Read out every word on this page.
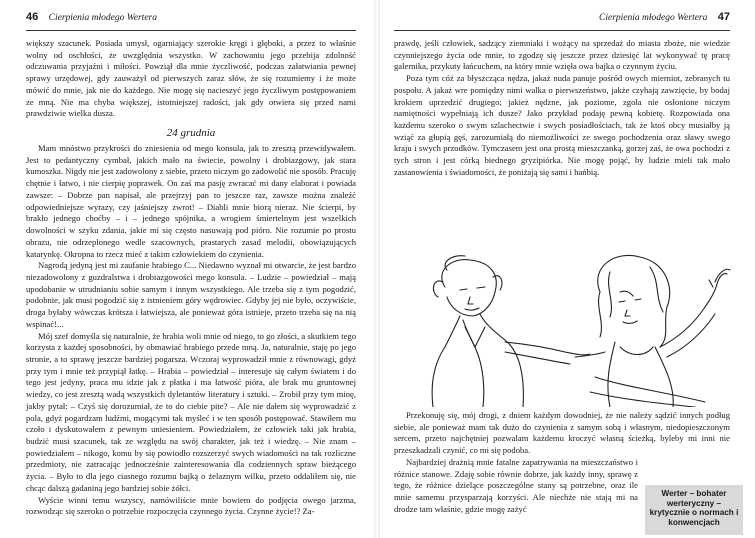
46 Cierpienia młodego Wertera

większy szacunek. Posiada umysł, ogarniający szerokie kręgi i głęboki, a przez to właśnie wolny od oschłości, że uwzględnia wszystko. W zachowaniu jego przebija zdolność odczuwania przyjaźni i miłości. Powziął dla mnie życzliwość, podczas załatwiania pewnej sprawy urzędowej, gdy zauważył od pierwszych zaraz słów, że się rozumiemy i że może mówić do mnie, jak nie do każdego. Nie mogę się nacieszyć jego życzliwym postępowaniem ze mną. Nie ma chyba większej, istotniejszej radości, jak gdy otwiera się przed nami prawdziwie wielka dusza.

24 grudnia

Mam mnóstwo przykrości do zniesienia od mego konsula, jak to zresztą przewidywałem. Jest to pedantyczny cymbał, jakich mało na świecie, powolny i drobiazgowy, jak stara kumoszka. Nigdy nie jest zadowolony z siebie, przeto niczym go zadowolić nie sposób. Pracuję chętnie i łatwo, i nie cierpię poprawek. On zaś ma pasję zwracać mi dany elaborat i powiada zawsze: – Dobrze pan napisał, ale przejrzyj pan to jeszcze raz, zawsze można znaleźć odpowiedniejsze wyrazy, czy jaśniejszy zwrot! – Diabli mnie biorą nieraz. Nie ścierpi, by brakło jednego choćby – i – jednego spójnika, a wrogiem śmiertelnym jest wszelkich dowolności w szyku zdania, jakie mi się często nasuwają pod pióro. Nie rozumie po prostu obrazu, nie odrzeplonego wedle szacownych, prastarych zasad melodii, obowiązujących katarynkę. Okropna to rzecz mieć z takim człowiekiem do czynienia.

Nagrodą jedyną jest mi zaufanie hrabiego C... Niedawno wyznał mi otwarcie, że jest bardzo niezadowolony z guzdralstwa i drobiazgowości mego konsula. – Ludzie – powiedział – mają upodobanie w utrudnianiu sobie samym i innym wszystkiego. Ale trzeba się z tym pogodzić, podobnie, jak musi pogodzić się z istnieniem góry wędrowiec. Gdyby jej nie było, oczywiście, droga byłaby wówczas krótsza i łatwiejsza, ale ponieważ góra istnieje, przeto trzeba się na nią wspinać!...

Mój szef domyśla się naturalnie, że hrabia woli mnie od niego, to go złości, a skutkiem tego korzysta z każdej sposobności, by obmawiać hrabiego przede mną. Ja, naturalnie, staję po jego stronie, a to sprawę jeszcze bardziej pogarsza. Wczoraj wyprowadził mnie z równowagi, gdyż przy tym i mnie też przypiął łatkę. – Hrabia – powiedział – interesuje się całym światem i do tego jest jedyny, praca mu idzie jak z płatka i ma łatwość pióra, ale brak mu gruntownej wiedzy, co jest zresztą wadą wszystkich dyletantów literatury i sztuki. – Zrobił przy tym minę, jakby pytał: – Czyś się dorozumiał, że to do ciebie pite? – Ale nie dałem się wyprowadzić z pola, gdyż pogardzam ludźmi, mogącymi tak myśleć i w ten sposób postępować. Stawiłem mu czoło i dyskutowałem z pewnym uniesieniem. Powiedziałem, że człowiek taki jak hrabia, budzić musi szacunek, tak ze względu na swój charakter, jak też i wiedzę. – Nie znam – powiedziałem – nikogo, komu by się powiodło rozszerzyć swych wiadomości na tak rozliczne przedmioty, nie zatracając jednocześnie zainteresowania dla codziennych spraw bieżącego życia. – Było to dla jego ciasnego rozumu bajką o żelaznym wilku, przeto oddaliłem się, nie chcąc dalszą gadaniną jego bardziej sobie żółci.

Wyście winni temu wszyscy, namówiliście mnie bowiem do podjęcia owego jarzma, rozwodząc się szeroko o potrzebie rozpoczęcia czynnego życia. Czynne życie!? Za-

Cierpienia młodego Wertera 47

prawdę, jeśli człowiek, sadzący ziemniaki i wożący na sprzedaż do miasta zboże, nie wiedzie czynniejszego życia ode mnie, to zgodzę się jeszcze przez dziesięć lat wykonywać tę pracę galernika, przykuty łańcuchem, na który mnie wzięła owa bajka o czynnym życiu.

Poza tym cóż za błyszcząca nędza, jakaż nuda panuje pośród owych mierniot, zebranych tu pospołu. A jakaż wre pomiędzy nimi walka o pierwszeństwo, jakże czyhają zawzięcie, by bodaj krokiem uprzedzić drugiego; jakież nędzne, jak poziome, zgoła nie osłonione niczym namiętności wypełniają ich dusze? Jako przykład podaję pewną kobietę. Rozpowiada ona każdemu szeroko o swym szlachectwie i swych posiadłościach, tak że ktoś obcy musiałby ją wziąć za głupią gęś, zarozumiałą do niemożliwości ze swego pochodzenia oraz sławy swego kraju i swych przodków. Tymczasem jest ona prostą mieszczanką, gorzej zaś, że owa pochodzi z tych stron i jest córką biednego gryzipiórka. Nie mogę pojąć, by ludzie mieli tak mało zastanowienia i świadomości, że poniżają się sami i hańbią.

Przekonuję się, mój drogi, z dniem każdym dowodniej, że nie należy sądzić innych podług siebie, ale ponieważ mam tak dużo do czynienia z samym sobą i własnym, niedopieszczonym sercem, przeto najchętniej pozwalam każdemu kroczyć własną ścieżką, byleby mi inni nie przeszkadzali czynić, co mi się podoba.

Najbardziej drażnią mnie fatalne zapatrywania na mieszczaństwo i różnice stanowe. Zdaję sobie równie dobrze, jak każdy inny, sprawę z tego, że różnice dzielące poszczególne stany są potrzebne, oraz ile mnie samemu przysparzają korzyści. Ale niechże nie stają mi na drodze tam właśnie, gdzie mogę zażyć

Werter – bohater werteryczny – krytycznie o normach i konwencjach
